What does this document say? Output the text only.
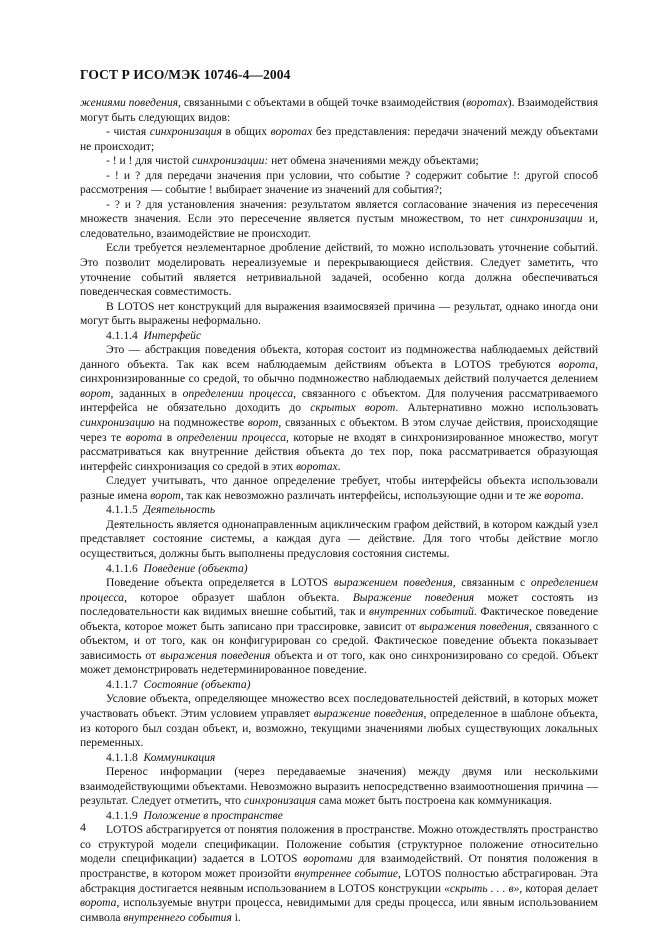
ГОСТ Р ИСО/МЭК 10746-4—2004

жениями поведения, связанными с объектами в общей точке взаимодействия (воротах). Взаимодействия могут быть следующих видов:

- чистая синхронизация в общих воротах без представления: передачи значений между объектами не происходит;

- ! и ! для чистой синхронизации: нет обмена значениями между объектами;

- ! и ? для передачи значения при условии, что событие ? содержит событие !: другой способ рассмотрения — событие ! выбирает значение из значений для события?;

- ? и ? для установления значения: результатом является согласование значения из пересечения множеств значения. Если это пересечение является пустым множеством, то нет синхронизации и, следовательно, взаимодействие не происходит.

Если требуется неэлементарное дробление действий, то можно использовать уточнение событий. Это позволит моделировать нереализуемые и перекрывающиеся действия. Следует заметить, что уточнение событий является нетривиальной задачей, особенно когда должна обеспечиваться поведенческая совместимость.

В LOTOS нет конструкций для выражения взаимосвязей причина — результат, однако иногда они могут быть выражены неформально.

4.1.1.4 Интерфейс

Это — абстракция поведения объекта, которая состоит из подмножества наблюдаемых действий данного объекта. Так как всем наблюдаемым действиям объекта в LOTOS требуются ворота, синхронизированные со средой, то обычно подмножество наблюдаемых действий получается делением ворот, заданных в определении процесса, связанного с объектом. Для получения рассматриваемого интерфейса не обязательно доходить до скрытых ворот. Альтернативно можно использовать синхронизацию на подмножестве ворот, связанных с объектом. В этом случае действия, происходящие через те ворота в определении процесса, которые не входят в синхронизированное множество, могут рассматриваться как внутренние действия объекта до тех пор, пока рассматривается образующая интерфейс синхронизация со средой в этих воротах.

Следует учитывать, что данное определение требует, чтобы интерфейсы объекта использовали разные имена ворот, так как невозможно различать интерфейсы, использующие одни и те же ворота.

4.1.1.5 Деятельность

Деятельность является однонаправленным ациклическим графом действий, в котором каждый узел представляет состояние системы, а каждая дуга — действие. Для того чтобы действие могло осуществиться, должны быть выполнены предусловия состояния системы.

4.1.1.6 Поведение (объекта)

Поведение объекта определяется в LOTOS выражением поведения, связанным с определением процесса, которое образует шаблон объекта. Выражение поведения может состоять из последовательности как видимых внешне событий, так и внутренних событий. Фактическое поведение объекта, которое может быть записано при трассировке, зависит от выражения поведения, связанного с объектом, и от того, как он конфигурирован со средой. Фактическое поведение объекта показывает зависимость от выражения поведения объекта и от того, как оно синхронизировано со средой. Объект может демонстрировать недетерминированное поведение.

4.1.1.7 Состояние (объекта)

Условие объекта, определяющее множество всех последовательностей действий, в которых может участвовать объект. Этим условием управляет выражение поведения, определенное в шаблоне объекта, из которого был создан объект, и, возможно, текущими значениями любых существующих локальных переменных.

4.1.1.8 Коммуникация

Перенос информации (через передаваемые значения) между двумя или несколькими взаимодействующими объектами. Невозможно выразить непосредственно взаимоотношения причина — результат. Следует отметить, что синхронизация сама может быть построена как коммуникация.

4.1.1.9 Положение в пространстве

LOTOS абстрагируется от понятия положения в пространстве. Можно отождествлять пространство со структурой модели спецификации. Положение события (структурное положение относительно модели спецификации) задается в LOTOS воротами для взаимодействий. От понятия положения в пространстве, в котором может произойти внутреннее событие, LOTOS полностью абстрагирован. Эта абстракция достигается неявным использованием в LOTOS конструкции «скрыть . . . в», которая делает ворота, используемые внутри процесса, невидимыми для среды процесса, или явным использованием символа внутреннего события i.

4
